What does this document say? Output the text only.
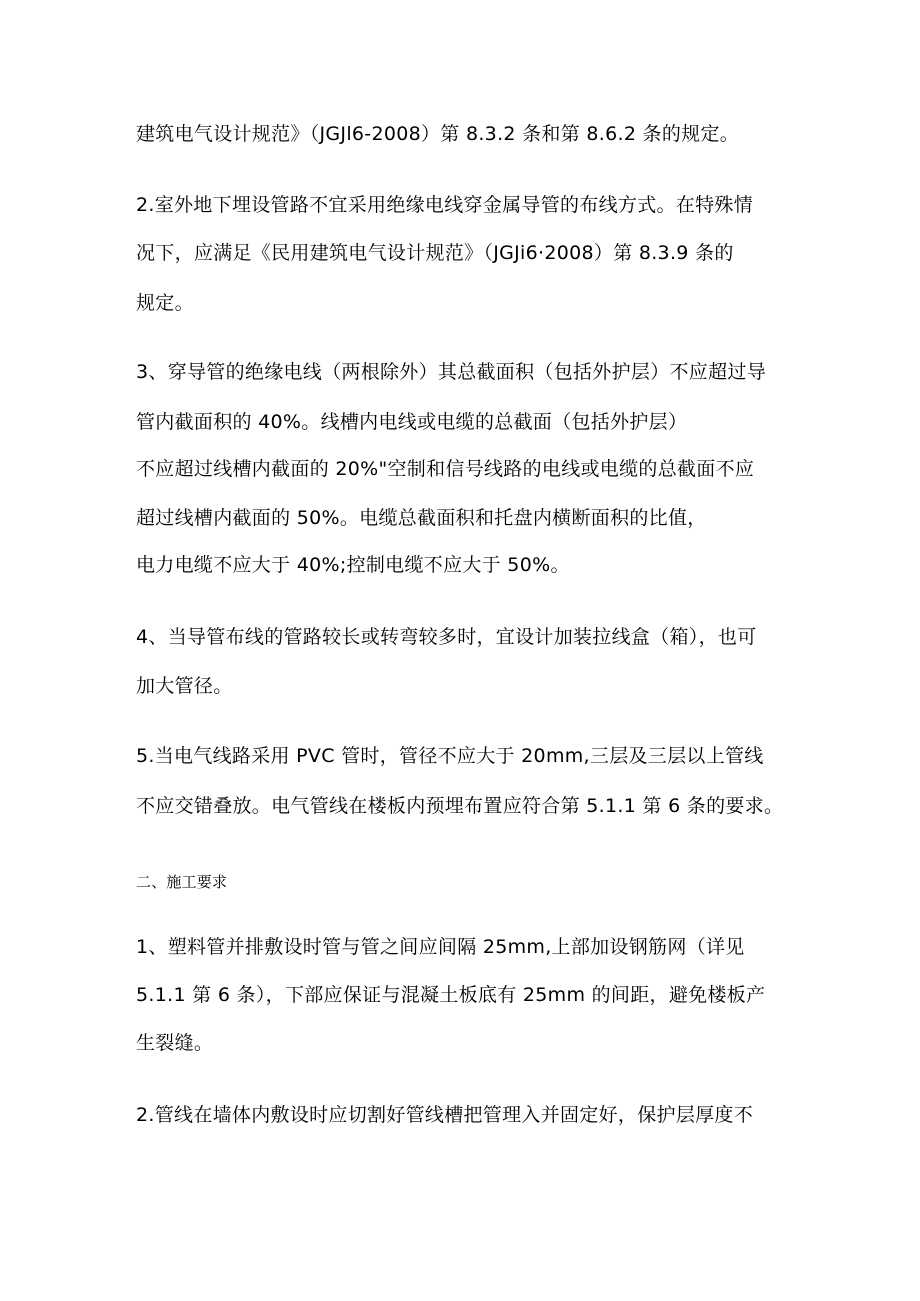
建筑电气设计规范》（JGJl6-2008）第 8.3.2 条和第 8.6.2 条的规定。
2.室外地下埋设管路不宜采用绝缘电线穿金属导管的布线方式。在特殊情
况下，应满足《民用建筑电气设计规范》（JGJi6·2008）第 8.3.9 条的
规定。
3、穿导管的绝缘电线（两根除外）其总截面积（包括外护层）不应超过导
管内截面积的 40%。线槽内电线或电缆的总截面（包括外护层）
不应超过线槽内截面的 20%"空制和信号线路的电线或电缆的总截面不应
超过线槽内截面的 50%。电缆总截面积和托盘内横断面积的比值，
电力电缆不应大于 40%;控制电缆不应大于 50%。
4、当导管布线的管路较长或转弯较多时，宜设计加装拉线盒（箱），也可
加大管径。
5.当电气线路采用 PVC 管时，管径不应大于 20mm,三层及三层以上管线
不应交错叠放。电气管线在楼板内预埋布置应符合第 5.1.1 第 6 条的要求。
二、施工要求
1、塑料管并排敷设时管与管之间应间隔 25mm,上部加设钢筋网（详见
5.1.1 第 6 条），下部应保证与混凝土板底有 25mm 的间距，避免楼板产
生裂缝。
2.管线在墙体内敷设时应切割好管线槽把管理入并固定好，保护层厚度不
